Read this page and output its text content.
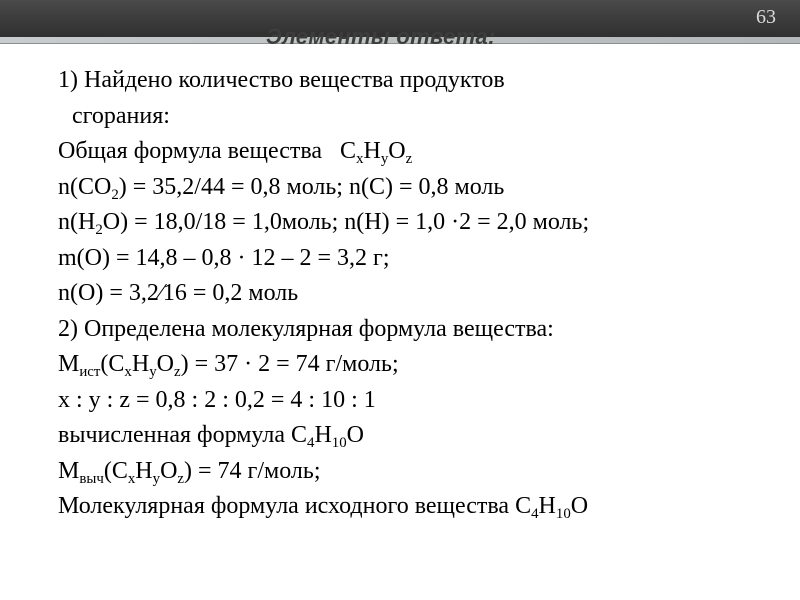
Элементы ответа:
63
1) Найдено количество вещества продуктов
сгорания:
Общая формула вещества   $C_xH_yO_z$
$n(CO_2) = 35,2/44 = 0,8$ моль; n(C) = 0,8 моль
$n(H_2O) = 18,0/18$ = 1,0моль; n(H) = 1,0 ·2 = 2,0 моль;
m(O) = 14,8 – 0,8 · 12 – 2 = 3,2 г;
n(O) = 3,2⁄16 = 0,2 моль
2) Определена молекулярная формула вещества:
$M_{ист}(C_xH_yO_z) = 37 \cdot 2 = 74$ г/моль;
x : y : z = 0,8 : 2 : 0,2 = 4 : 10 : 1
вычисленная формула $C_4H_{10}O$
$M_{выч}(C_xH_yO_z) = 74$ г/моль;
Молекулярная формула исходного вещества $C_4H_{10}O$
